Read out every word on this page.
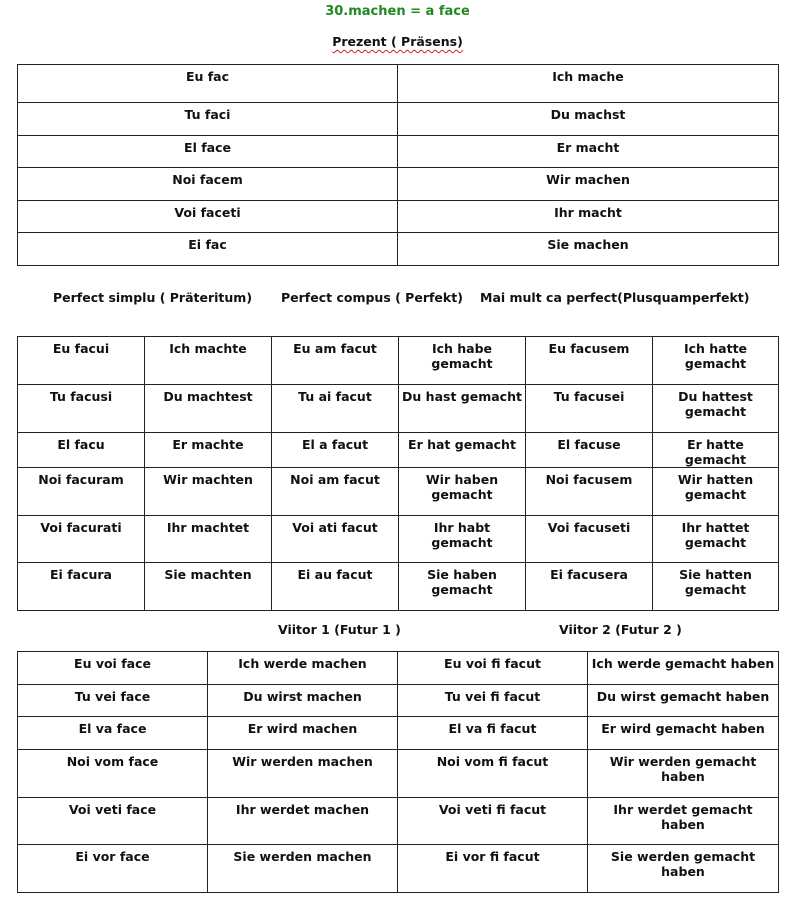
30.machen = a face
Prezent ( Präsens)
Eu fac	Ich mache
Tu faci	Du machst
El face	Er macht
Noi facem	Wir machen
Voi faceti	Ihr macht
Ei fac	Sie machen
Perfect simplu ( Präteritum) Perfect compus ( Perfekt) Mai mult ca perfect(Plusquamperfekt)
Eu facui	Ich machte	Eu am facut	Ich habe gemacht	Eu facusem	Ich hatte gemacht
Tu facusi	Du machtest	Tu ai facut	Du hast gemacht	Tu facusei	Du hattest gemacht
El facu	Er machte	El a facut	Er hat gemacht	El facuse	Er hatte gemacht
Noi facuram	Wir machten	Noi am facut	Wir haben gemacht	Noi facusem	Wir hatten gemacht
Voi facurati	Ihr machtet	Voi ati facut	Ihr habt gemacht	Voi facuseti	Ihr hattet gemacht
Ei facura	Sie machten	Ei au facut	Sie haben gemacht	Ei facusera	Sie hatten gemacht
Viitor 1 (Futur 1 )	Viitor 2 (Futur 2 )
Eu voi face	Ich werde machen	Eu voi fi facut	Ich werde gemacht haben
Tu vei face	Du wirst machen	Tu vei fi facut	Du wirst gemacht haben
El va face	Er wird machen	El va fi facut	Er wird gemacht haben
Noi vom face	Wir werden machen	Noi vom fi facut	Wir werden gemacht haben
Voi veti face	Ihr werdet machen	Voi veti fi facut	Ihr werdet gemacht haben
Ei vor face	Sie werden machen	Ei vor fi facut	Sie werden gemacht haben
